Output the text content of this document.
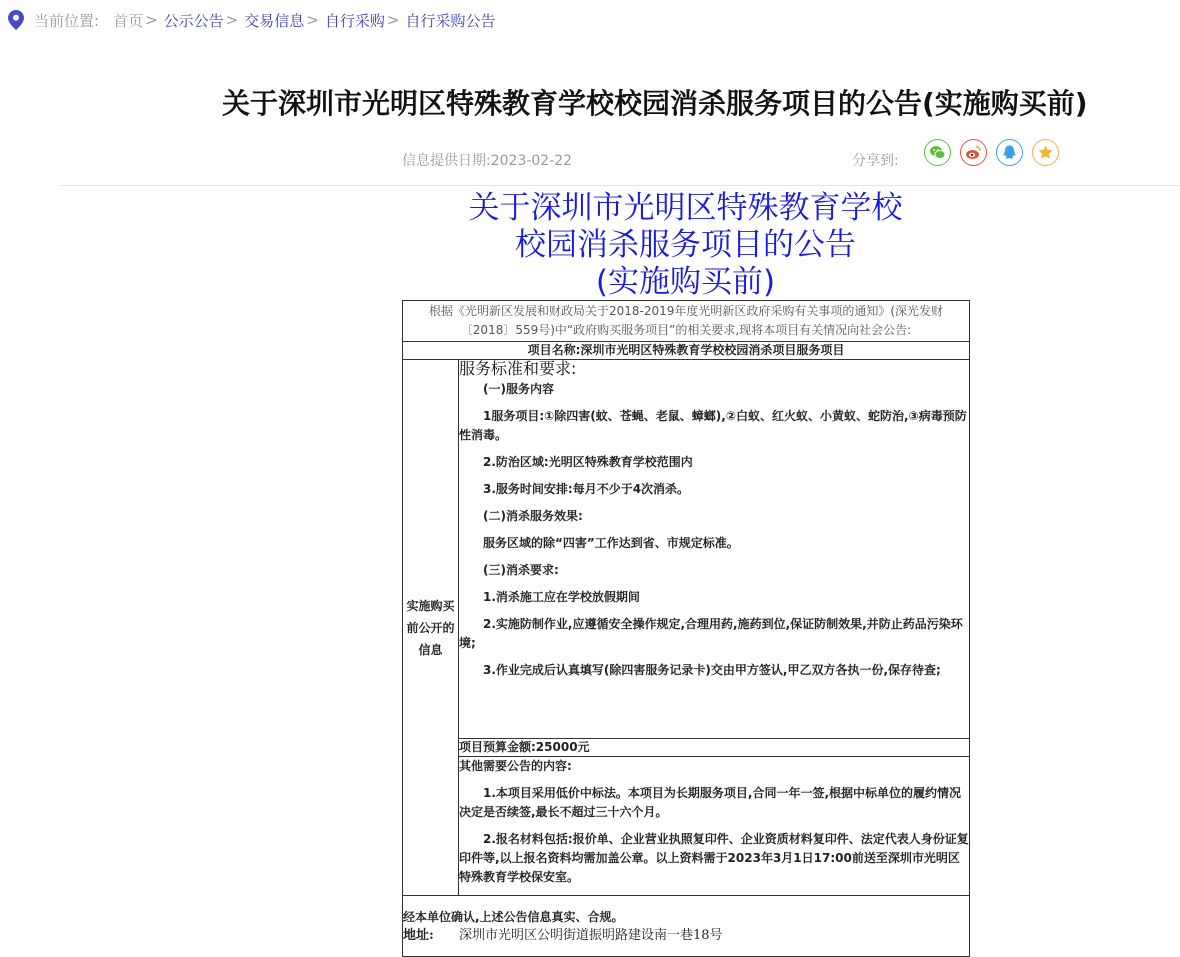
当前位置: 首页 > 公示公告 > 交易信息 > 自行采购 > 自行采购公告
关于深圳市光明区特殊教育学校校园消杀服务项目的公告(实施购买前)
信息提供日期:2023-02-22	分享到:
关于深圳市光明区特殊教育学校
校园消杀服务项目的公告
(实施购买前)
根据《光明新区发展和财政局关于2018-2019年度光明新区政府采购有关事项的通知》(深光发财〔2018〕559号)中“政府购买服务项目”的相关要求,现将本项目有关情况向社会公告:
项目名称:深圳市光明区特殊教育学校校园消杀项目服务项目
实施购买前公开的信息	
服务标准和要求:

(一)服务内容

1服务项目:①除四害(蚊、苍蝇、老鼠、蟑螂),②白蚁、红火蚁、小黄蚁、蛇防治,③病毒预防性消毒。

2.防治区域:光明区特殊教育学校范围内

3.服务时间安排:每月不少于4次消杀。

(二)消杀服务效果:

服务区域的除“四害”工作达到省、市规定标准。

(三)消杀要求:

1.消杀施工应在学校放假期间

2.实施防制作业,应遵循安全操作规定,合理用药,施药到位,保证防制效果,并防止药品污染环境;

3.作业完成后认真填写(除四害服务记录卡)交由甲方签认,甲乙双方各执一份,保存待查;

项目预算金额:25000元

其他需要公告的内容:

1.本项目采用低价中标法。本项目为长期服务项目,合同一年一签,根据中标单位的履约情况决定是否续签,最长不超过三十六个月。

2.报名材料包括:报价单、企业营业执照复印件、企业资质材料复印件、法定代表人身份证复印件等,以上报名资料均需加盖公章。以上资料需于2023年3月1日17:00前送至深圳市光明区特殊教育学校保安室。

经本单位确认,上述公告信息真实、合规。
地址: 深圳市光明区公明街道振明路建设南一巷18号
